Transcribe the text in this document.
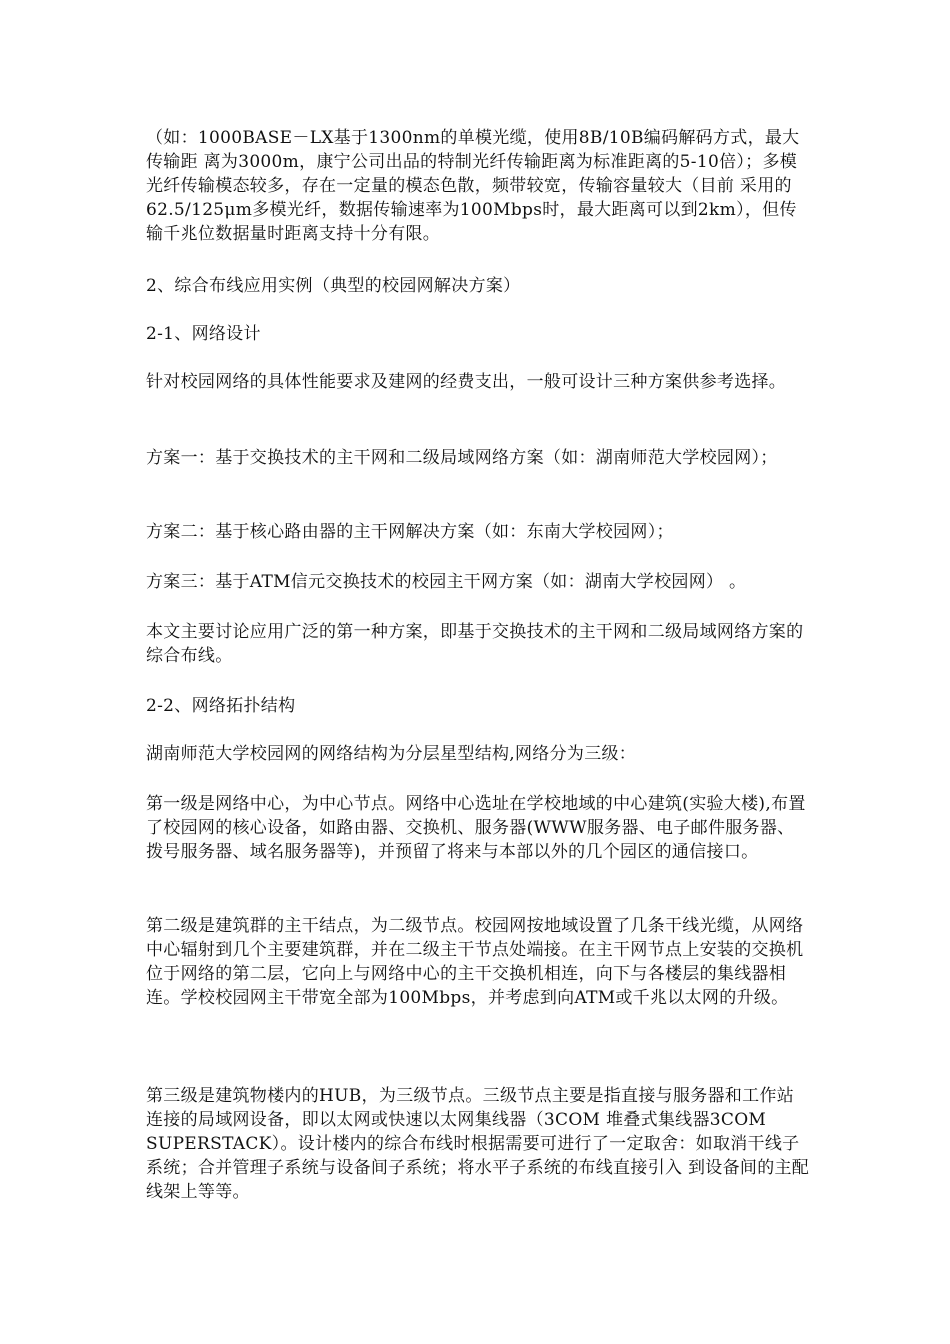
（如：1000BASE－LX基于1300nm的单模光缆，使用8B/10B编码解码方式，最大传输距 离为3000m，康宁公司出品的特制光纤传输距离为标准距离的5-10倍）；多模光纤传输模态较多，存在一定量的模态色散，频带较宽，传输容量较大（目前 采用的62.5/125μm多模光纤，数据传输速率为100Mbps时，最大距离可以到2km），但传输千兆位数据量时距离支持十分有限。

2、综合布线应用实例（典型的校园网解决方案）

2-1、网络设计

针对校园网络的具体性能要求及建网的经费支出，一般可设计三种方案供参考选择。

方案一：基于交换技术的主干网和二级局域网络方案（如：湖南师范大学校园网）；

方案二：基于核心路由器的主干网解决方案（如：东南大学校园网）；

方案三：基于ATM信元交换技术的校园主干网方案（如：湖南大学校园网） 。

本文主要讨论应用广泛的第一种方案，即基于交换技术的主干网和二级局域网络方案的综合布线。

2-2、网络拓扑结构

湖南师范大学校园网的网络结构为分层星型结构,网络分为三级：

第一级是网络中心，为中心节点。网络中心选址在学校地域的中心建筑(实验大楼),布置了校园网的核心设备，如路由器、交换机、服务器(WWW服务器、电子邮件服务器、拨号服务器、域名服务器等)，并预留了将来与本部以外的几个园区的通信接口。

第二级是建筑群的主干结点，为二级节点。校园网按地域设置了几条干线光缆，从网络中心辐射到几个主要建筑群，并在二级主干节点处端接。在主干网节点上安装的交换机位于网络的第二层，它向上与网络中心的主干交换机相连，向下与各楼层的集线器相连。学校校园网主干带宽全部为100Mbps，并考虑到向ATM或千兆以太网的升级。

第三级是建筑物楼内的HUB，为三级节点。三级节点主要是指直接与服务器和工作站连接的局域网设备，即以太网或快速以太网集线器（3COM 堆叠式集线器3COM SUPERSTACK）。设计楼内的综合布线时根据需要可进行了一定取舍：如取消干线子系统；合并管理子系统与设备间子系统；将水平子系统的布线直接引入 到设备间的主配线架上等等。
